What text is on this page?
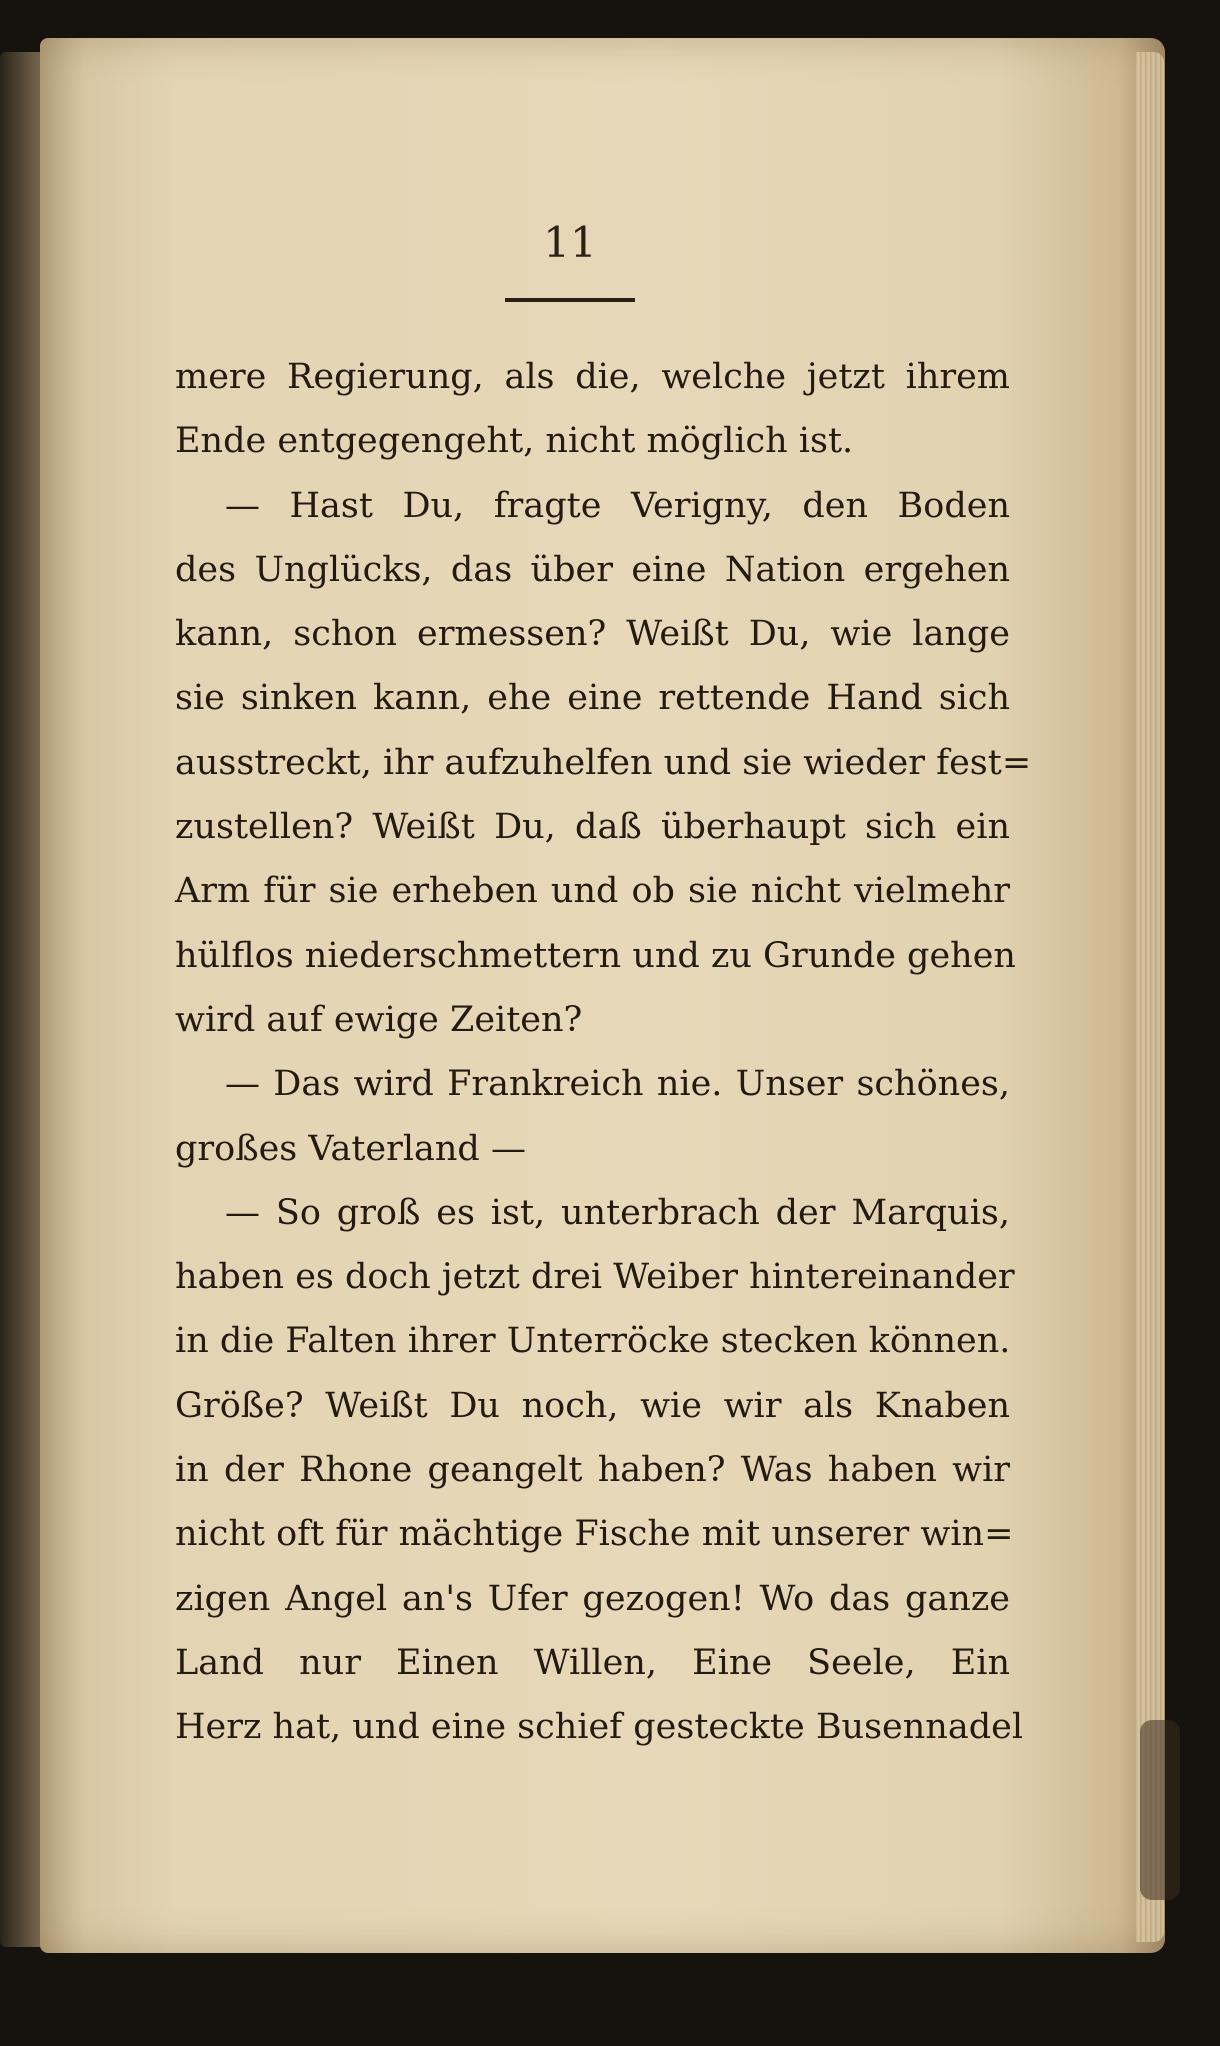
11
mere Regierung, als die, welche jetzt ihrem
Ende entgegengeht, nicht möglich ist.
— Hast Du, fragte Verigny, den Boden
des Unglücks, das über eine Nation ergehen
kann, schon ermessen? Weißt Du, wie lange
sie sinken kann, ehe eine rettende Hand sich
ausstreckt, ihr aufzuhelfen und sie wieder fest=
zustellen? Weißt Du, daß überhaupt sich ein
Arm für sie erheben und ob sie nicht vielmehr
hülflos niederschmettern und zu Grunde gehen
wird auf ewige Zeiten?
— Das wird Frankreich nie. Unser schönes,
großes Vaterland —
— So groß es ist, unterbrach der Marquis,
haben es doch jetzt drei Weiber hintereinander
in die Falten ihrer Unterröcke stecken können.
Größe? Weißt Du noch, wie wir als Knaben
in der Rhone geangelt haben? Was haben wir
nicht oft für mächtige Fische mit unserer win=
zigen Angel an's Ufer gezogen! Wo das ganze
Land nur Einen Willen, Eine Seele, Ein
Herz hat, und eine schief gesteckte Busennadel
